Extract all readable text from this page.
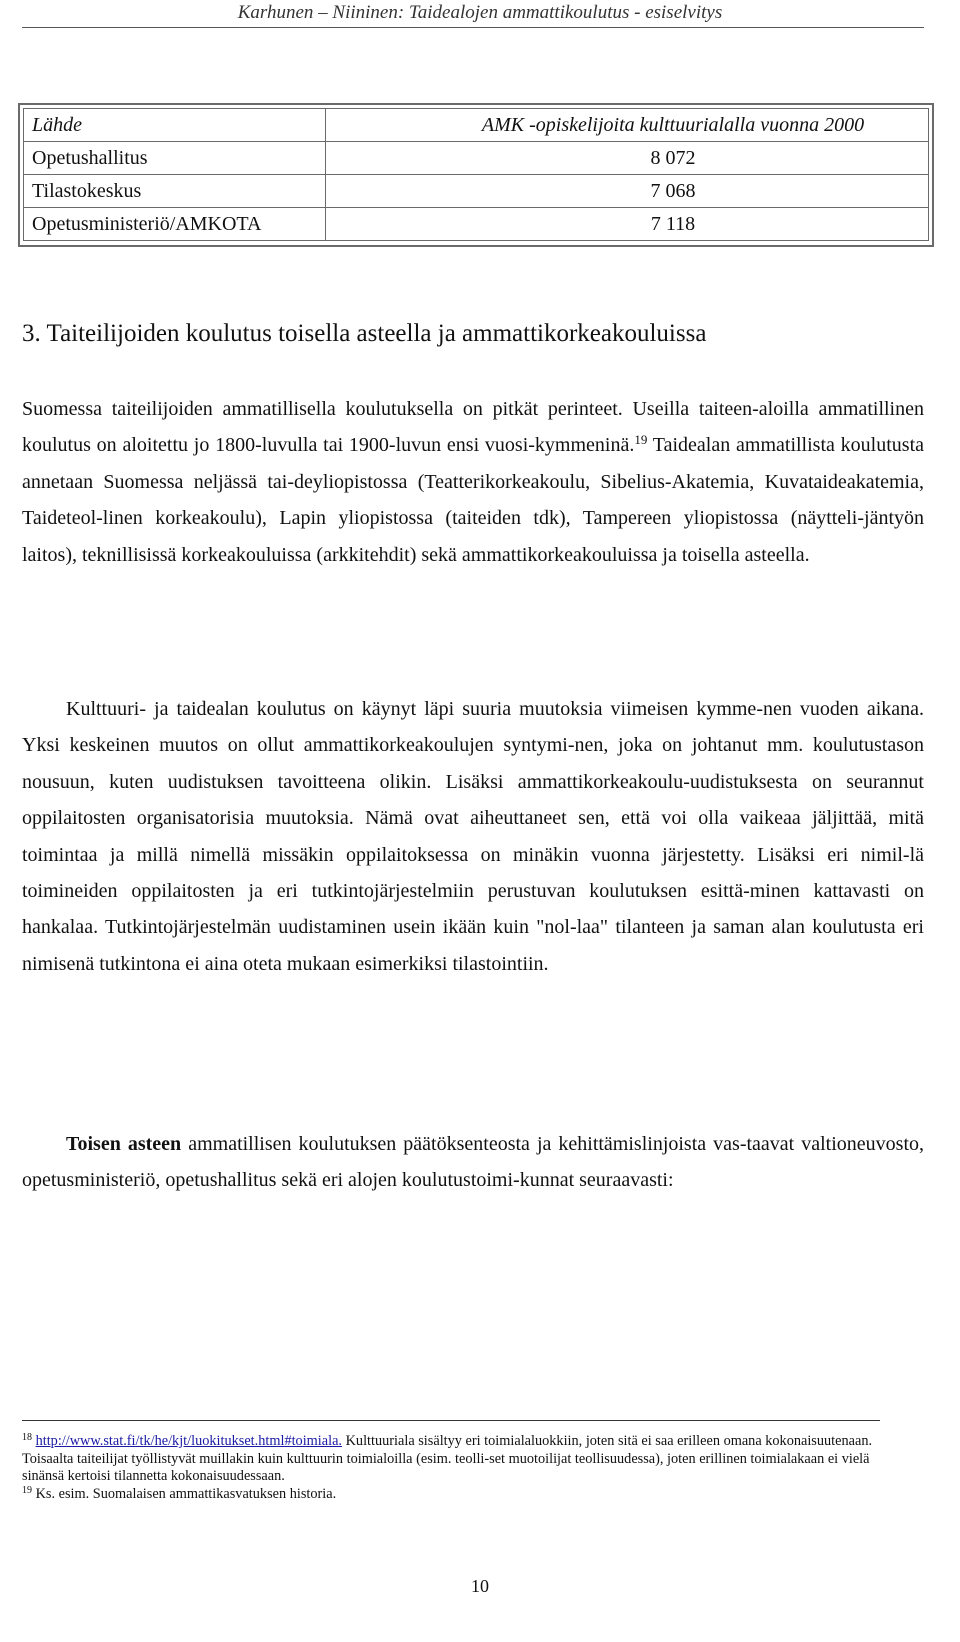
Karhunen – Niininen: Taidealojen ammattikoulutus - esiselvitys
Lähde	AMK -opiskelijoita kulttuurialalla vuonna 2000
Opetushallitus	8 072
Tilastokeskus	7 068
Opetusministeriö/AMKOTA	7 118
3. Taiteilijoiden koulutus toisella asteella ja ammattikorkeakouluissa

Suomessa taiteilijoiden ammatillisella koulutuksella on pitkät perinteet. Useilla taiteen-aloilla ammatillinen koulutus on aloitettu jo 1800-luvulla tai 1900-luvun ensi vuosi-kymmeninä.$^{19}$ Taidealan ammatillista koulutusta annetaan Suomessa neljässä tai-deyliopistossa (Teatterikorkeakoulu, Sibelius-Akatemia, Kuvataideakatemia, Taideteol-linen korkeakoulu), Lapin yliopistossa (taiteiden tdk), Tampereen yliopistossa (näytteli-jäntyön laitos), teknillisissä korkeakouluissa (arkkitehdit) sekä ammattikorkeakouluissa ja toisella asteella.

Kulttuuri- ja taidealan koulutus on käynyt läpi suuria muutoksia viimeisen kymme-nen vuoden aikana. Yksi keskeinen muutos on ollut ammattikorkeakoulujen syntymi-nen, joka on johtanut mm. koulutustason nousuun, kuten uudistuksen tavoitteena olikin. Lisäksi ammattikorkeakoulu-uudistuksesta on seurannut oppilaitosten organisatorisia muutoksia. Nämä ovat aiheuttaneet sen, että voi olla vaikeaa jäljittää, mitä toimintaa ja millä nimellä missäkin oppilaitoksessa on minäkin vuonna järjestetty. Lisäksi eri nimil-lä toimineiden oppilaitosten ja eri tutkintojärjestelmiin perustuvan koulutuksen esittä-minen kattavasti on hankalaa. Tutkintojärjestelmän uudistaminen usein ikään kuin "nol-laa" tilanteen ja saman alan koulutusta eri nimisenä tutkintona ei aina oteta mukaan esimerkiksi tilastointiin.

Toisen asteen ammatillisen koulutuksen päätöksenteosta ja kehittämislinjoista vas-taavat valtioneuvosto, opetusministeriö, opetushallitus sekä eri alojen koulutustoimi-kunnat seuraavasti:

$^{18}$ http://www.stat.fi/tk/he/kjt/luokitukset.html#toimiala. Kulttuuriala sisältyy eri toimialaluokkiin, joten sitä ei saa erilleen omana kokonaisuutenaan. Toisaalta taiteilijat työllistyvät muillakin kuin kulttuurin toimialoilla (esim. teolli-set muotoilijat teollisuudessa), joten erillinen toimialakaan ei vielä sinänsä kertoisi tilannetta kokonaisuudessaan.

$^{19}$ Ks. esim. Suomalaisen ammattikasvatuksen historia.

10
